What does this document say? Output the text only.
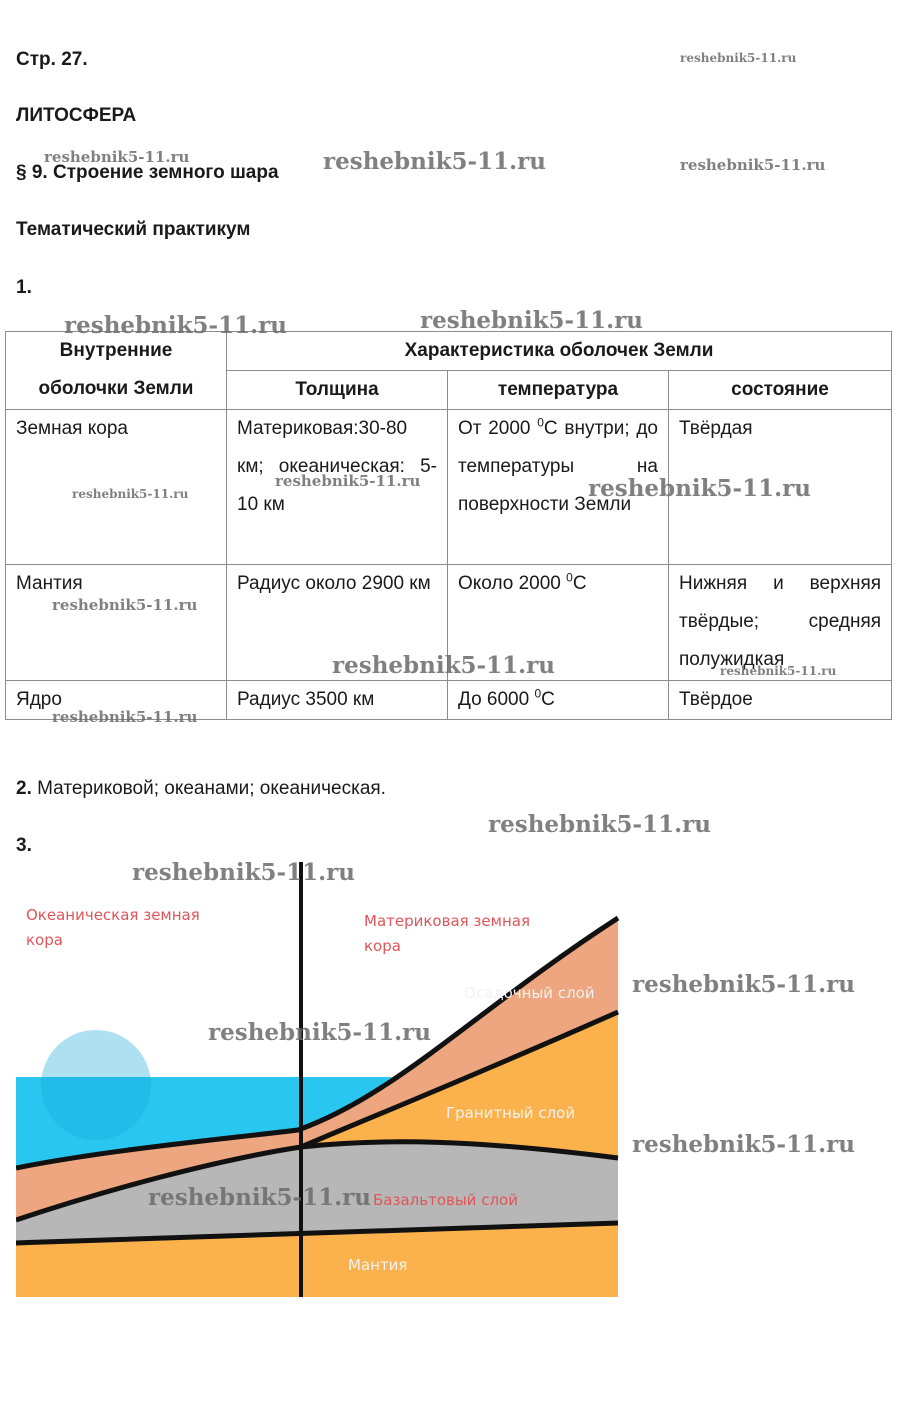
Стр. 27.
ЛИТОСФЕРА
§ 9. Строение земного шара
Тематический практикум
1.
Внутренние
оболочки Земли	Характеристика оболочек Земли		
	Толщина	температура	состояние
Земная кора	Материковая:30-80 км; океаническая: 5-10 км	От 2000 $^0$С внутри; до температуры на поверхности Земли	Твёрдая
Мантия	Радиус около 2900 км	Около 2000 $^0$С	Нижняя и верхняя твёрдые; средняя полужидкая
Ядро	Радиус 3500 км	До 6000 $^0$С	Твёрдое
2. Материковой; океанами; океаническая.
3.
Океаническая земная
кора
Материковая земная
кора
Осадочный слой
Гранитный слой
Базальтовый слой
Мантия
reshebnik5-11.ru
reshebnik5-11.ru	reshebnik5-11.ru	reshebnik5-11.ru
reshebnik5-11.ru	reshebnik5-11.ru
reshebnik5-11.ru
reshebnik5-11.ru	reshebnik5-11.ru
reshebnik5-11.ru
reshebnik5-11.ru	reshebnik5-11.ru
reshebnik5-11.ru
reshebnik5-11.ru
reshebnik5-11.ru
reshebnik5-11.ru
reshebnik5-11.ru
reshebnik5-11.ru
reshebnik5-11.ru
